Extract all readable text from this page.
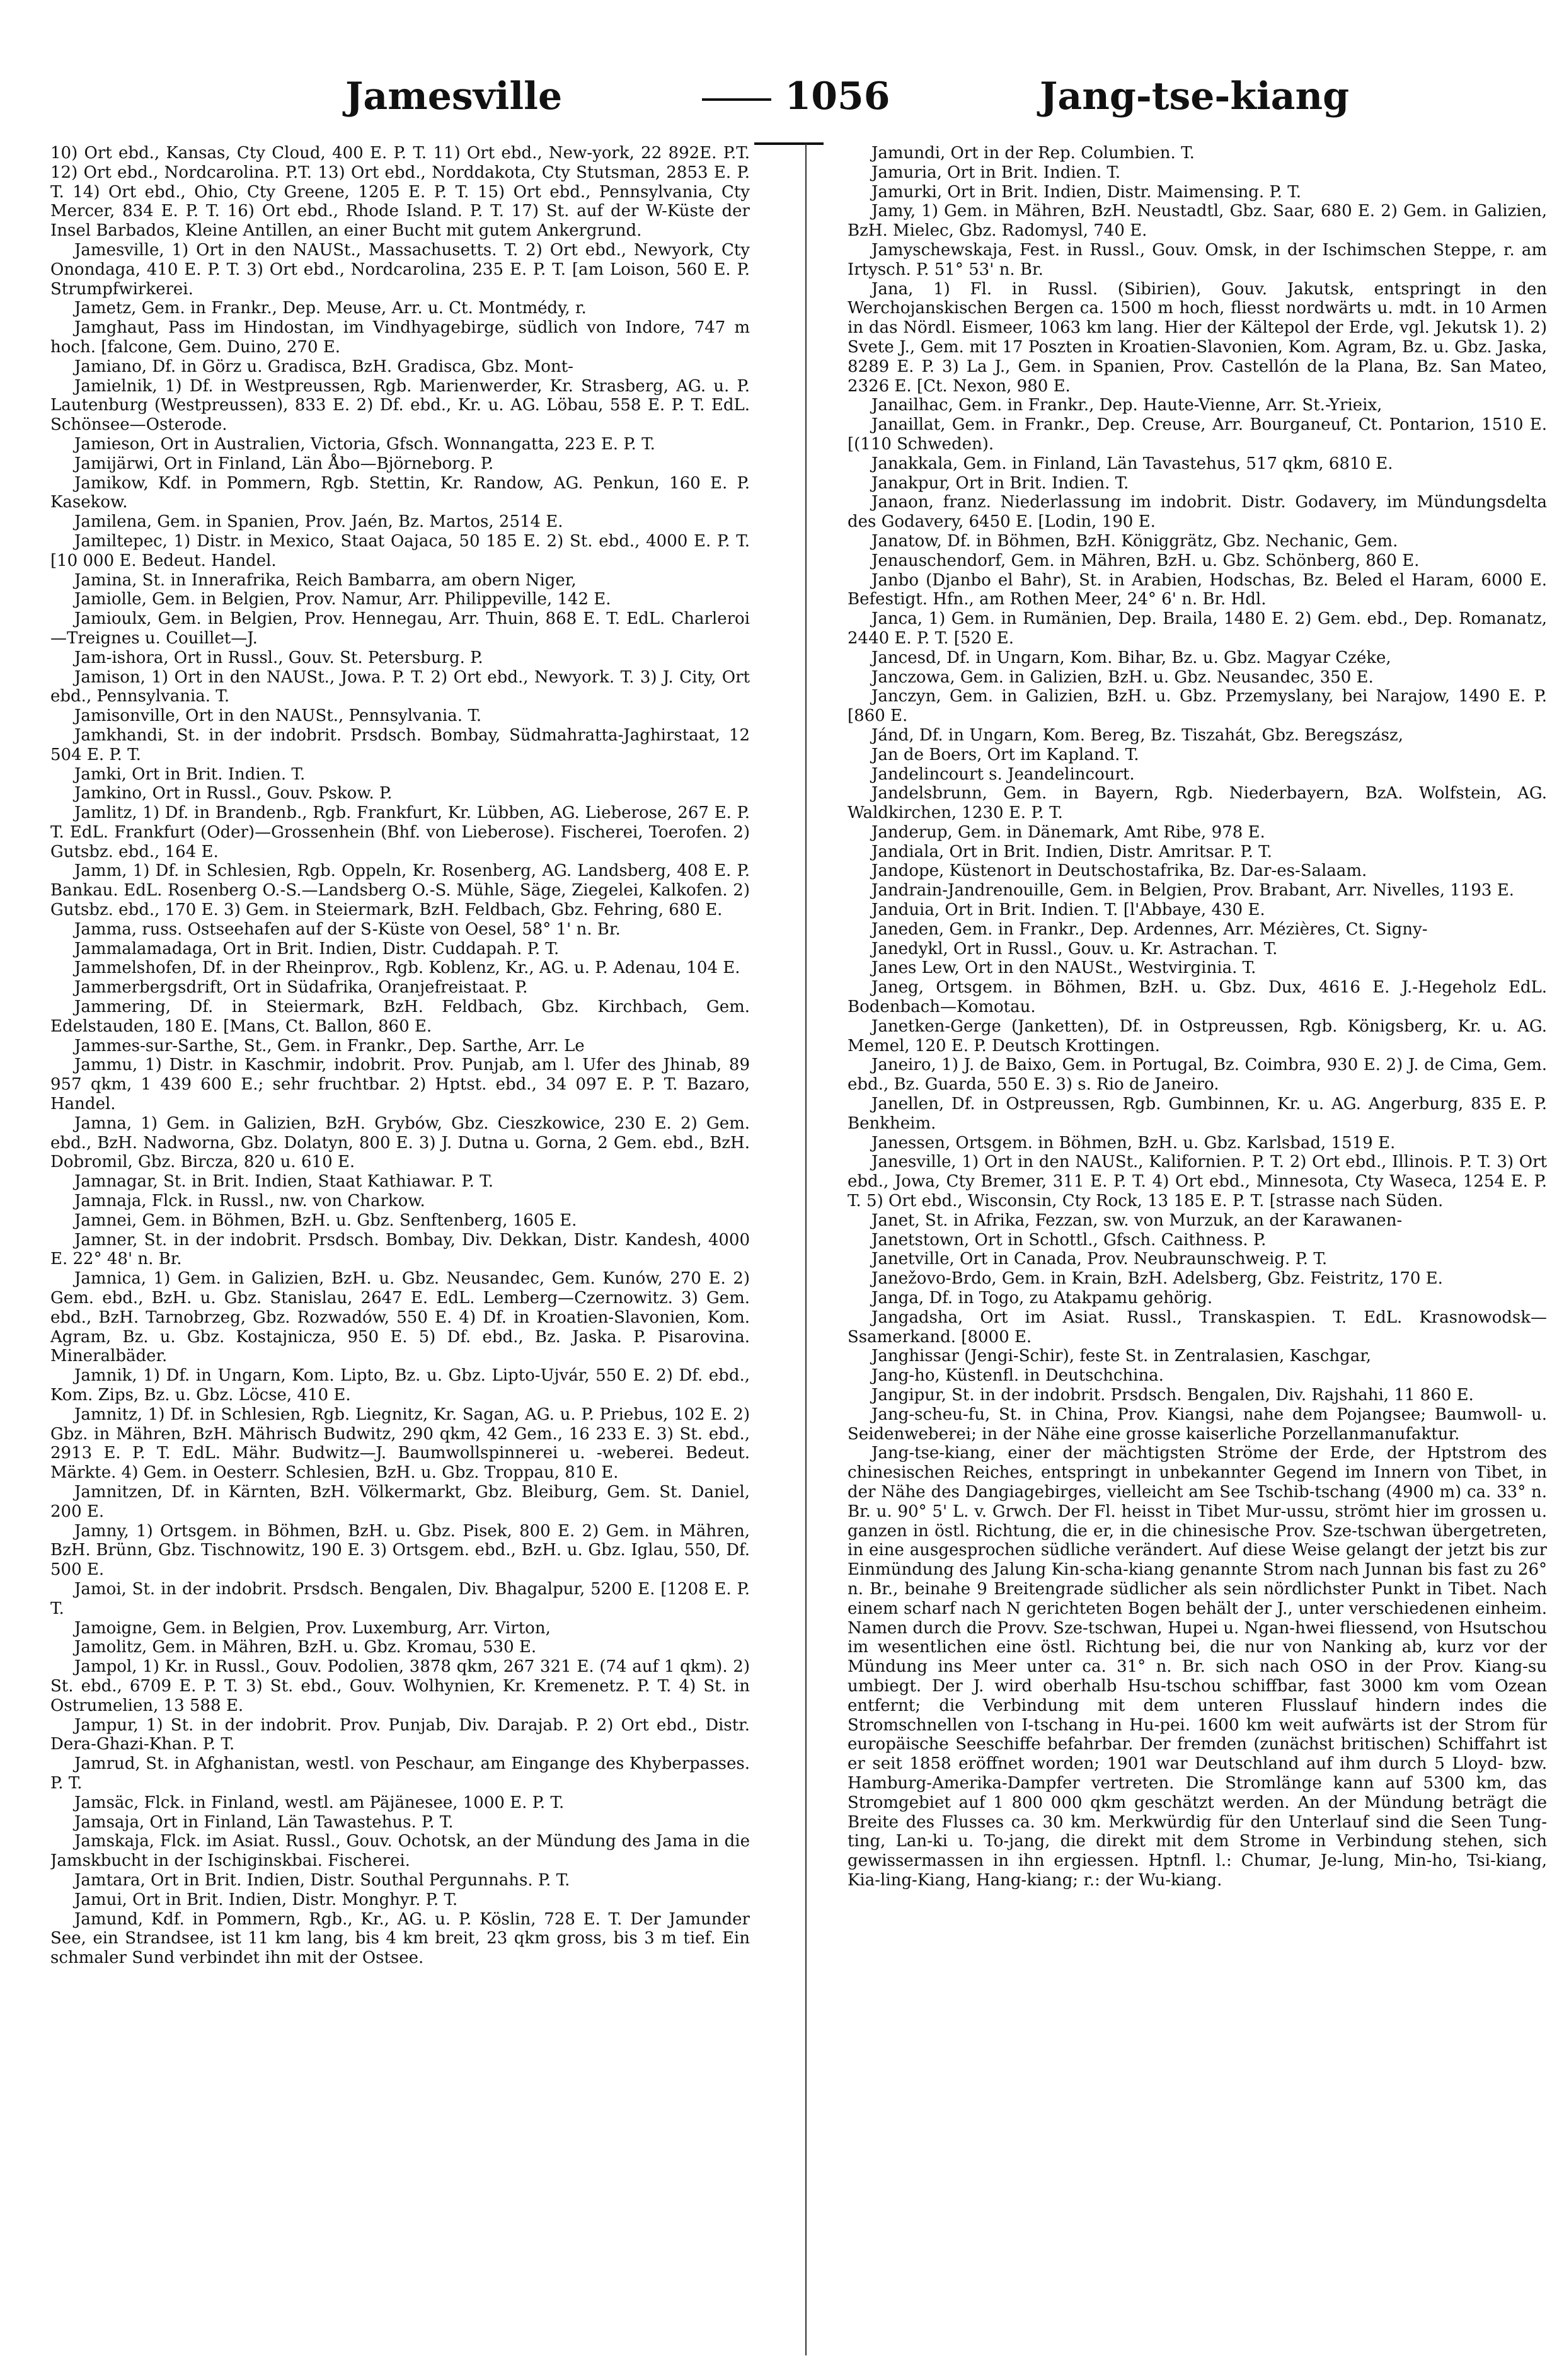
Jamesville	1056	Jang-tse-kiang

10) Ort ebd., Kansas, Cty Cloud, 400 E. P. T. 11) Ort ebd., New-york, 22 892E. P.T. 12) Ort ebd., Nordcarolina. P.T. 13) Ort ebd., Norddakota, Cty Stutsman, 2853 E. P. T. 14) Ort ebd., Ohio, Cty Greene, 1205 E. P. T. 15) Ort ebd., Pennsylvania, Cty Mercer, 834 E. P. T. 16) Ort ebd., Rhode Island. P. T. 17) St. auf der W-Küste der Insel Barbados, Kleine Antillen, an einer Bucht mit gutem Ankergrund.

Jamesville, 1) Ort in den NAUSt., Massachusetts. T. 2) Ort ebd., Newyork, Cty Onondaga, 410 E. P. T. 3) Ort ebd., Nordcarolina, 235 E. P. T. [am Loison, 560 E. P. Strumpfwirkerei.

Jametz, Gem. in Frankr., Dep. Meuse, Arr. u. Ct. Montmédy, r.

Jamghaut, Pass im Hindostan, im Vindhyagebirge, südlich von Indore, 747 m hoch. [falcone, Gem. Duino, 270 E.

Jamiano, Df. in Görz u. Gradisca, BzH. Gradisca, Gbz. Mont-

Jamielnik, 1) Df. in Westpreussen, Rgb. Marienwerder, Kr. Strasberg, AG. u. P. Lautenburg (Westpreussen), 833 E. 2) Df. ebd., Kr. u. AG. Löbau, 558 E. P. T. EdL. Schönsee—Osterode.

Jamieson, Ort in Australien, Victoria, Gfsch. Wonnangatta, 223 E. P. T.

Jamijärwi, Ort in Finland, Län Åbo—Björneborg. P.

Jamikow, Kdf. in Pommern, Rgb. Stettin, Kr. Randow, AG. Penkun, 160 E. P. Kasekow.

Jamilena, Gem. in Spanien, Prov. Jaén, Bz. Martos, 2514 E.

Jamiltepec, 1) Distr. in Mexico, Staat Oajaca, 50 185 E. 2) St. ebd., 4000 E. P. T. [10 000 E. Bedeut. Handel.

Jamina, St. in Innerafrika, Reich Bambarra, am obern Niger,

Jamiolle, Gem. in Belgien, Prov. Namur, Arr. Philippeville, 142 E.

Jamioulx, Gem. in Belgien, Prov. Hennegau, Arr. Thuin, 868 E. T. EdL. Charleroi—Treignes u. Couillet—J.

Jam-ishora, Ort in Russl., Gouv. St. Petersburg. P.

Jamison, 1) Ort in den NAUSt., Jowa. P. T. 2) Ort ebd., Newyork. T. 3) J. City, Ort ebd., Pennsylvania. T.

Jamisonville, Ort in den NAUSt., Pennsylvania. T.

Jamkhandi, St. in der indobrit. Prsdsch. Bombay, Südmahratta-Jaghirstaat, 12 504 E. P. T.

Jamki, Ort in Brit. Indien. T.

Jamkino, Ort in Russl., Gouv. Pskow. P.

Jamlitz, 1) Df. in Brandenb., Rgb. Frankfurt, Kr. Lübben, AG. Lieberose, 267 E. P. T. EdL. Frankfurt (Oder)—Grossenhein (Bhf. von Lieberose). Fischerei, Toerofen. 2) Gutsbz. ebd., 164 E.

Jamm, 1) Df. in Schlesien, Rgb. Oppeln, Kr. Rosenberg, AG. Landsberg, 408 E. P. Bankau. EdL. Rosenberg O.-S.—Landsberg O.-S. Mühle, Säge, Ziegelei, Kalkofen. 2) Gutsbz. ebd., 170 E. 3) Gem. in Steiermark, BzH. Feldbach, Gbz. Fehring, 680 E.

Jamma, russ. Ostseehafen auf der S-Küste von Oesel, 58° 1' n. Br.

Jammalamadaga, Ort in Brit. Indien, Distr. Cuddapah. P. T.

Jammelshofen, Df. in der Rheinprov., Rgb. Koblenz, Kr., AG. u. P. Adenau, 104 E.

Jammerbergsdrift, Ort in Südafrika, Oranjefreistaat. P.

Jammering, Df. in Steiermark, BzH. Feldbach, Gbz. Kirchbach, Gem. Edelstauden, 180 E. [Mans, Ct. Ballon, 860 E.

Jammes-sur-Sarthe, St., Gem. in Frankr., Dep. Sarthe, Arr. Le

Jammu, 1) Distr. in Kaschmir, indobrit. Prov. Punjab, am l. Ufer des Jhinab, 89 957 qkm, 1 439 600 E.; sehr fruchtbar. 2) Hptst. ebd., 34 097 E. P. T. Bazaro, Handel.

Jamna, 1) Gem. in Galizien, BzH. Grybów, Gbz. Cieszkowice, 230 E. 2) Gem. ebd., BzH. Nadworna, Gbz. Dolatyn, 800 E. 3) J. Dutna u. Gorna, 2 Gem. ebd., BzH. Dobromil, Gbz. Bircza, 820 u. 610 E.

Jamnagar, St. in Brit. Indien, Staat Kathiawar. P. T.

Jamnaja, Flck. in Russl., nw. von Charkow.

Jamnei, Gem. in Böhmen, BzH. u. Gbz. Senftenberg, 1605 E.

Jamner, St. in der indobrit. Prsdsch. Bombay, Div. Dekkan, Distr. Kandesh, 4000 E. 22° 48' n. Br.

Jamnica, 1) Gem. in Galizien, BzH. u. Gbz. Neusandec, Gem. Kunów, 270 E. 2) Gem. ebd., BzH. u. Gbz. Stanislau, 2647 E. EdL. Lemberg—Czernowitz. 3) Gem. ebd., BzH. Tarnobrzeg, Gbz. Rozwadów, 550 E. 4) Df. in Kroatien-Slavonien, Kom. Agram, Bz. u. Gbz. Kostajnicza, 950 E. 5) Df. ebd., Bz. Jaska. P. Pisarovina. Mineralbäder.

Jamnik, 1) Df. in Ungarn, Kom. Lipto, Bz. u. Gbz. Lipto-Ujvár, 550 E. 2) Df. ebd., Kom. Zips, Bz. u. Gbz. Löcse, 410 E.

Jamnitz, 1) Df. in Schlesien, Rgb. Liegnitz, Kr. Sagan, AG. u. P. Priebus, 102 E. 2) Gbz. in Mähren, BzH. Mährisch Budwitz, 290 qkm, 42 Gem., 16 233 E. 3) St. ebd., 2913 E. P. T. EdL. Mähr. Budwitz—J. Baumwollspinnerei u. -weberei. Bedeut. Märkte. 4) Gem. in Oesterr. Schlesien, BzH. u. Gbz. Troppau, 810 E.

Jamnitzen, Df. in Kärnten, BzH. Völkermarkt, Gbz. Bleiburg, Gem. St. Daniel, 200 E.

Jamny, 1) Ortsgem. in Böhmen, BzH. u. Gbz. Pisek, 800 E. 2) Gem. in Mähren, BzH. Brünn, Gbz. Tischnowitz, 190 E. 3) Ortsgem. ebd., BzH. u. Gbz. Iglau, 550, Df. 500 E.

Jamoi, St. in der indobrit. Prsdsch. Bengalen, Div. Bhagalpur, 5200 E. [1208 E. P. T.

Jamoigne, Gem. in Belgien, Prov. Luxemburg, Arr. Virton,

Jamolitz, Gem. in Mähren, BzH. u. Gbz. Kromau, 530 E.

Jampol, 1) Kr. in Russl., Gouv. Podolien, 3878 qkm, 267 321 E. (74 auf 1 qkm). 2) St. ebd., 6709 E. P. T. 3) St. ebd., Gouv. Wolhynien, Kr. Kremenetz. P. T. 4) St. in Ostrumelien, 13 588 E.

Jampur, 1) St. in der indobrit. Prov. Punjab, Div. Darajab. P. 2) Ort ebd., Distr. Dera-Ghazi-Khan. P. T.

Jamrud, St. in Afghanistan, westl. von Peschaur, am Eingange des Khyberpasses. P. T.

Jamsäc, Flck. in Finland, westl. am Päjänesee, 1000 E. P. T.

Jamsaja, Ort in Finland, Län Tawastehus. P. T.

Jamskaja, Flck. im Asiat. Russl., Gouv. Ochotsk, an der Mündung des Jama in die Jamskbucht in der Ischiginskbai. Fischerei.

Jamtara, Ort in Brit. Indien, Distr. Southal Pergunnahs. P. T.

Jamui, Ort in Brit. Indien, Distr. Monghyr. P. T.

Jamund, Kdf. in Pommern, Rgb., Kr., AG. u. P. Köslin, 728 E. T. Der Jamunder See, ein Strandsee, ist 11 km lang, bis 4 km breit, 23 qkm gross, bis 3 m tief. Ein schmaler Sund verbindet ihn mit der Ostsee.

Jamundi, Ort in der Rep. Columbien. T.

Jamuria, Ort in Brit. Indien. T.

Jamurki, Ort in Brit. Indien, Distr. Maimensing. P. T.

Jamy, 1) Gem. in Mähren, BzH. Neustadtl, Gbz. Saar, 680 E. 2) Gem. in Galizien, BzH. Mielec, Gbz. Radomysl, 740 E.

Jamyschewskaja, Fest. in Russl., Gouv. Omsk, in der Ischimschen Steppe, r. am Irtysch. P. 51° 53' n. Br.

Jana, 1) Fl. in Russl. (Sibirien), Gouv. Jakutsk, entspringt in den Werchojanskischen Bergen ca. 1500 m hoch, fliesst nordwärts u. mdt. in 10 Armen in das Nördl. Eismeer, 1063 km lang. Hier der Kältepol der Erde, vgl. Jekutsk 1). 2) Svete J., Gem. mit 17 Poszten in Kroatien-Slavonien, Kom. Agram, Bz. u. Gbz. Jaska, 8289 E. P. 3) La J., Gem. in Spanien, Prov. Castellón de la Plana, Bz. San Mateo, 2326 E. [Ct. Nexon, 980 E.

Janailhac, Gem. in Frankr., Dep. Haute-Vienne, Arr. St.-Yrieix,

Janaillat, Gem. in Frankr., Dep. Creuse, Arr. Bourganeuf, Ct. Pontarion, 1510 E. [(110 Schweden).

Janakkala, Gem. in Finland, Län Tavastehus, 517 qkm, 6810 E.

Janakpur, Ort in Brit. Indien. T.

Janaon, franz. Niederlassung im indobrit. Distr. Godavery, im Mündungsdelta des Godavery, 6450 E. [Lodin, 190 E.

Janatow, Df. in Böhmen, BzH. Königgrätz, Gbz. Nechanic, Gem.

Jenauschendorf, Gem. in Mähren, BzH. u. Gbz. Schönberg, 860 E.

Janbo (Djanbo el Bahr), St. in Arabien, Hodschas, Bz. Beled el Haram, 6000 E. Befestigt. Hfn., am Rothen Meer, 24° 6' n. Br. Hdl.

Janca, 1) Gem. in Rumänien, Dep. Braila, 1480 E. 2) Gem. ebd., Dep. Romanatz, 2440 E. P. T. [520 E.

Jancesd, Df. in Ungarn, Kom. Bihar, Bz. u. Gbz. Magyar Czéke,

Janczowa, Gem. in Galizien, BzH. u. Gbz. Neusandec, 350 E.

Janczyn, Gem. in Galizien, BzH. u. Gbz. Przemyslany, bei Narajow, 1490 E. P. [860 E.

Jánd, Df. in Ungarn, Kom. Bereg, Bz. Tiszahát, Gbz. Beregszász,

Jan de Boers, Ort im Kapland. T.

Jandelincourt s. Jeandelincourt.

Jandelsbrunn, Gem. in Bayern, Rgb. Niederbayern, BzA. Wolfstein, AG. Waldkirchen, 1230 E. P. T.

Janderup, Gem. in Dänemark, Amt Ribe, 978 E.

Jandiala, Ort in Brit. Indien, Distr. Amritsar. P. T.

Jandope, Küstenort in Deutschostafrika, Bz. Dar-es-Salaam.

Jandrain-Jandrenouille, Gem. in Belgien, Prov. Brabant, Arr. Nivelles, 1193 E.

Janduia, Ort in Brit. Indien. T. [l'Abbaye, 430 E.

Janeden, Gem. in Frankr., Dep. Ardennes, Arr. Mézières, Ct. Signy-

Janedykl, Ort in Russl., Gouv. u. Kr. Astrachan. T.

Janes Lew, Ort in den NAUSt., Westvirginia. T.

Janeg, Ortsgem. in Böhmen, BzH. u. Gbz. Dux, 4616 E. J.-Hegeholz EdL. Bodenbach—Komotau.

Janetken-Gerge (Janketten), Df. in Ostpreussen, Rgb. Königsberg, Kr. u. AG. Memel, 120 E. P. Deutsch Krottingen.

Janeiro, 1) J. de Baixo, Gem. in Portugal, Bz. Coimbra, 930 E. 2) J. de Cima, Gem. ebd., Bz. Guarda, 550 E. 3) s. Rio de Janeiro.

Janellen, Df. in Ostpreussen, Rgb. Gumbinnen, Kr. u. AG. Angerburg, 835 E. P. Benkheim.

Janessen, Ortsgem. in Böhmen, BzH. u. Gbz. Karlsbad, 1519 E.

Janesville, 1) Ort in den NAUSt., Kalifornien. P. T. 2) Ort ebd., Illinois. P. T. 3) Ort ebd., Jowa, Cty Bremer, 311 E. P. T. 4) Ort ebd., Minnesota, Cty Waseca, 1254 E. P. T. 5) Ort ebd., Wisconsin, Cty Rock, 13 185 E. P. T. [strasse nach Süden.

Janet, St. in Afrika, Fezzan, sw. von Murzuk, an der Karawanen-

Janetstown, Ort in Schottl., Gfsch. Caithness. P.

Janetville, Ort in Canada, Prov. Neubraunschweig. P. T.

Janežovo-Brdo, Gem. in Krain, BzH. Adelsberg, Gbz. Feistritz, 170 E.

Janga, Df. in Togo, zu Atakpamu gehörig.

Jangadsha, Ort im Asiat. Russl., Transkaspien. T. EdL. Krasnowodsk—Ssamerkand. [8000 E.

Janghissar (Jengi-Schir), feste St. in Zentralasien, Kaschgar,

Jang-ho, Küstenfl. in Deutschchina.

Jangipur, St. in der indobrit. Prsdsch. Bengalen, Div. Rajshahi, 11 860 E.

Jang-scheu-fu, St. in China, Prov. Kiangsi, nahe dem Pojangsee; Baumwoll- u. Seidenweberei; in der Nähe eine grosse kaiserliche Porzellanmanufaktur.

Jang-tse-kiang, einer der mächtigsten Ströme der Erde, der Hptstrom des chinesischen Reiches, entspringt in unbekannter Gegend im Innern von Tibet, in der Nähe des Dangiagebirges, vielleicht am See Tschib-tschang (4900 m) ca. 33° n. Br. u. 90° 5' L. v. Grwch. Der Fl. heisst in Tibet Mur-ussu, strömt hier im grossen u. ganzen in östl. Richtung, die er, in die chinesische Prov. Sze-tschwan übergetreten, in eine ausgesprochen südliche verändert. Auf diese Weise gelangt der jetzt bis zur Einmündung des Jalung Kin-scha-kiang genannte Strom nach Junnan bis fast zu 26° n. Br., beinahe 9 Breitengrade südlicher als sein nördlichster Punkt in Tibet. Nach einem scharf nach N gerichteten Bogen behält der J., unter verschiedenen einheim. Namen durch die Provv. Sze-tschwan, Hupei u. Ngan-hwei fliessend, von Hsutschou im wesentlichen eine östl. Richtung bei, die nur von Nanking ab, kurz vor der Mündung ins Meer unter ca. 31° n. Br. sich nach OSO in der Prov. Kiang-su umbiegt. Der J. wird oberhalb Hsu-tschou schiffbar, fast 3000 km vom Ozean entfernt; die Verbindung mit dem unteren Flusslauf hindern indes die Stromschnellen von I-tschang in Hu-pei. 1600 km weit aufwärts ist der Strom für europäische Seeschiffe befahrbar. Der fremden (zunächst britischen) Schiffahrt ist er seit 1858 eröffnet worden; 1901 war Deutschland auf ihm durch 5 Lloyd- bzw. Hamburg-Amerika-Dampfer vertreten. Die Stromlänge kann auf 5300 km, das Stromgebiet auf 1 800 000 qkm geschätzt werden. An der Mündung beträgt die Breite des Flusses ca. 30 km. Merkwürdig für den Unterlauf sind die Seen Tung-ting, Lan-ki u. To-jang, die direkt mit dem Strome in Verbindung stehen, sich gewissermassen in ihn ergiessen. Hptnfl. l.: Chumar, Je-lung, Min-ho, Tsi-kiang, Kia-ling-Kiang, Hang-kiang; r.: der Wu-kiang.
